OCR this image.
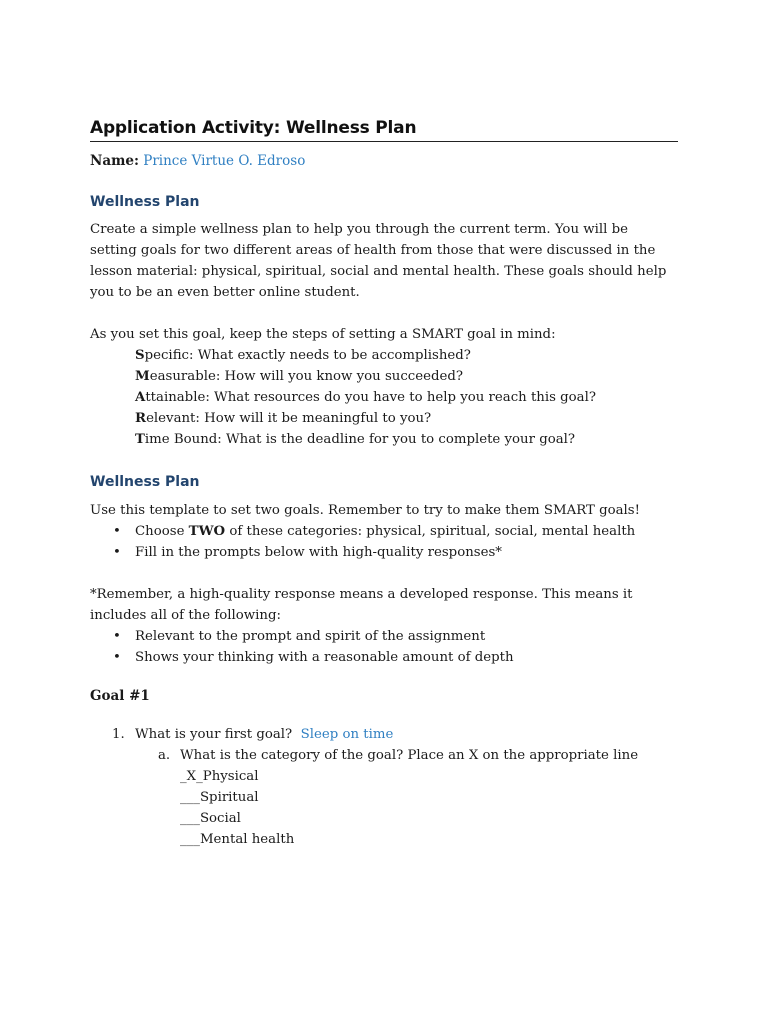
Application Activity: Wellness Plan
Name: Prince Virtue O. Edroso
Wellness Plan
Create a simple wellness plan to help you through the current term. You will be setting goals for two different areas of health from those that were discussed in the lesson material: physical, spiritual, social and mental health. These goals should help you to be an even better online student.
As you set this goal, keep the steps of setting a SMART goal in mind:
Specific: What exactly needs to be accomplished?
Measurable: How will you know you succeeded?
Attainable: What resources do you have to help you reach this goal?
Relevant: How will it be meaningful to you?
Time Bound: What is the deadline for you to complete your goal?
Wellness Plan
Use this template to set two goals. Remember to try to make them SMART goals!
• Choose TWO of these categories: physical, spiritual, social, mental health
• Fill in the prompts below with high-quality responses*
*Remember, a high-quality response means a developed response. This means it includes all of the following:
• Relevant to the prompt and spirit of the assignment
• Shows your thinking with a reasonable amount of depth
Goal #1
1. What is your first goal? Sleep on time
a. What is the category of the goal? Place an X on the appropriate line
_X_Physical
___Spiritual
___Social
___Mental health
